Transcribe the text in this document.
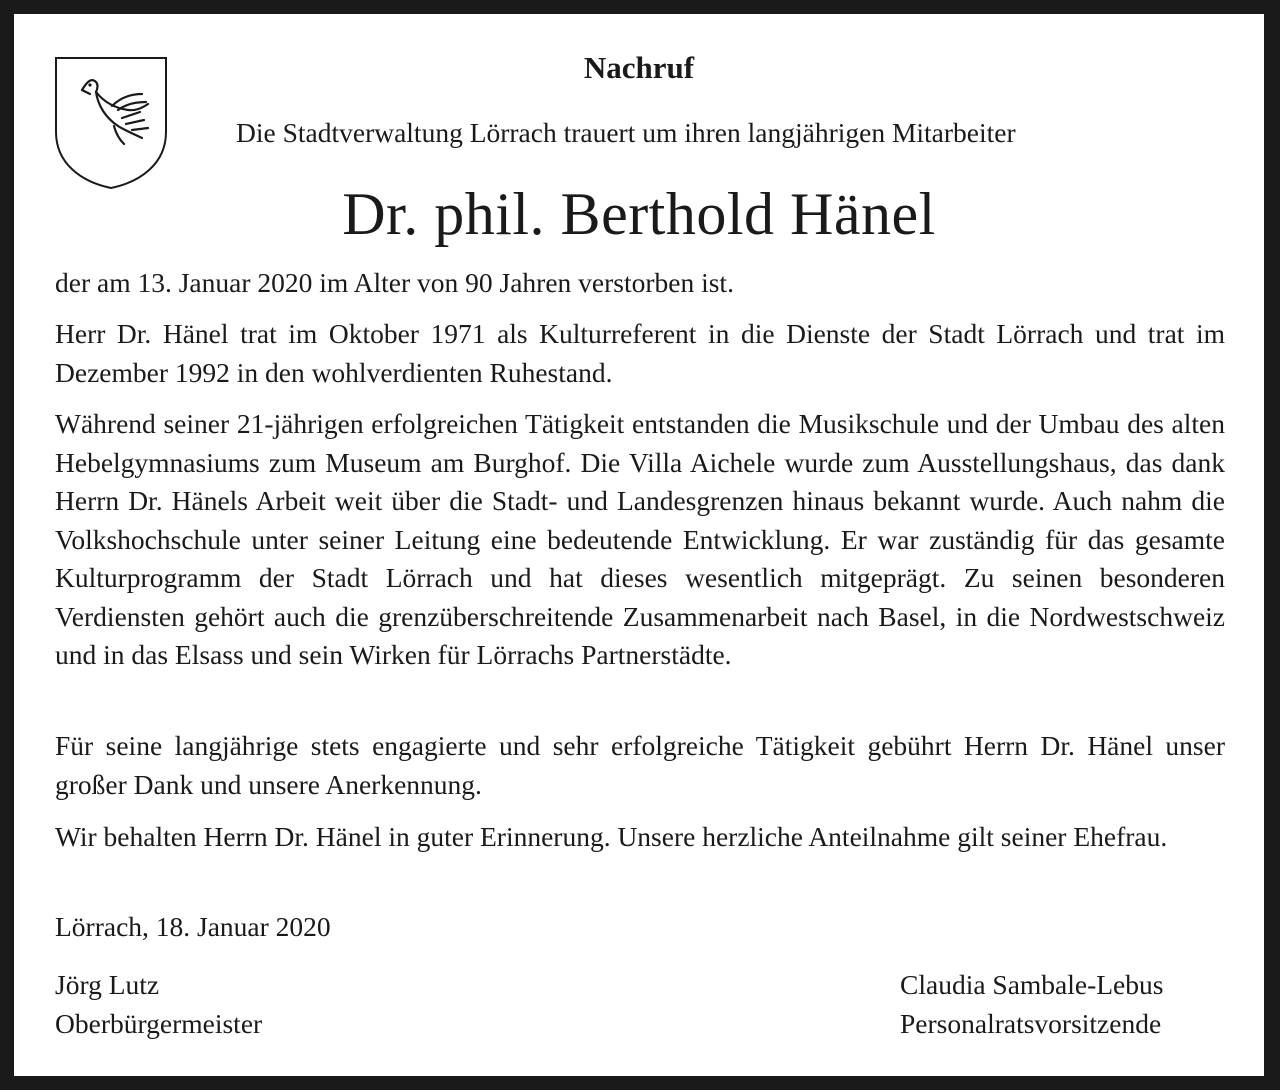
Nachruf
Die Stadtverwaltung Lörrach trauert um ihren langjährigen Mitarbeiter
Dr. phil. Berthold Hänel
der am 13. Januar 2020 im Alter von 90 Jahren verstorben ist.
Herr Dr. Hänel trat im Oktober 1971 als Kulturreferent in die Dienste der Stadt Lörrach und trat im Dezember 1992 in den wohlverdienten Ruhestand.
Während seiner 21-jährigen erfolgreichen Tätigkeit entstanden die Musikschule und der Umbau des alten Hebelgymnasiums zum Museum am Burghof. Die Villa Aichele wurde zum Ausstellungshaus, das dank Herrn Dr. Hänels Arbeit weit über die Stadt- und Landesgrenzen hinaus bekannt wurde. Auch nahm die Volkshochschule unter seiner Leitung eine bedeutende Entwicklung. Er war zuständig für das gesamte Kulturprogramm der Stadt Lörrach und hat dieses wesentlich mitgeprägt. Zu seinen besonderen Verdiensten gehört auch die grenzüberschreitende Zusammenarbeit nach Basel, in die Nordwestschweiz und in das Elsass und sein Wirken für Lörrachs Partnerstädte.
Für seine langjährige stets engagierte und sehr erfolgreiche Tätigkeit gebührt Herrn Dr. Hänel unser großer Dank und unsere Anerkennung.
Wir behalten Herrn Dr. Hänel in guter Erinnerung. Unsere herzliche Anteilnahme gilt seiner Ehefrau.
Lörrach, 18. Januar 2020
Jörg Lutz
Oberbürgermeister
Claudia Sambale-Lebus
Personalratsvorsitzende
